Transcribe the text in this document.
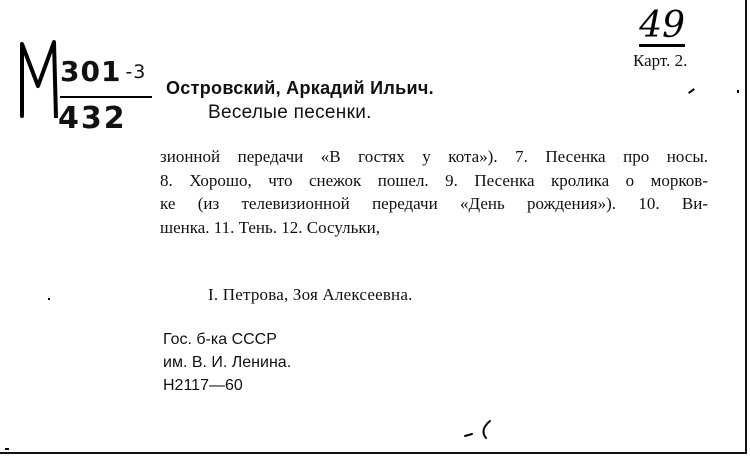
49
Карт. 2.
301 $^{-3}$
432
Островский, Аркадий Ильич.
Веселые песенки.
зионной передачи «В гостях у кота»). 7. Песенка про носы.
8. Хорошо, что снежок пошел. 9. Песенка кролика о морков-
ке (из телевизионной передачи «День рождения»). 10. Ви-
шенка. 11. Тень. 12. Сосульки,
I. Петрова, Зоя Алексеевна.
Гос. б-ка СССР
им. В. И. Ленина.
Н2117—60
